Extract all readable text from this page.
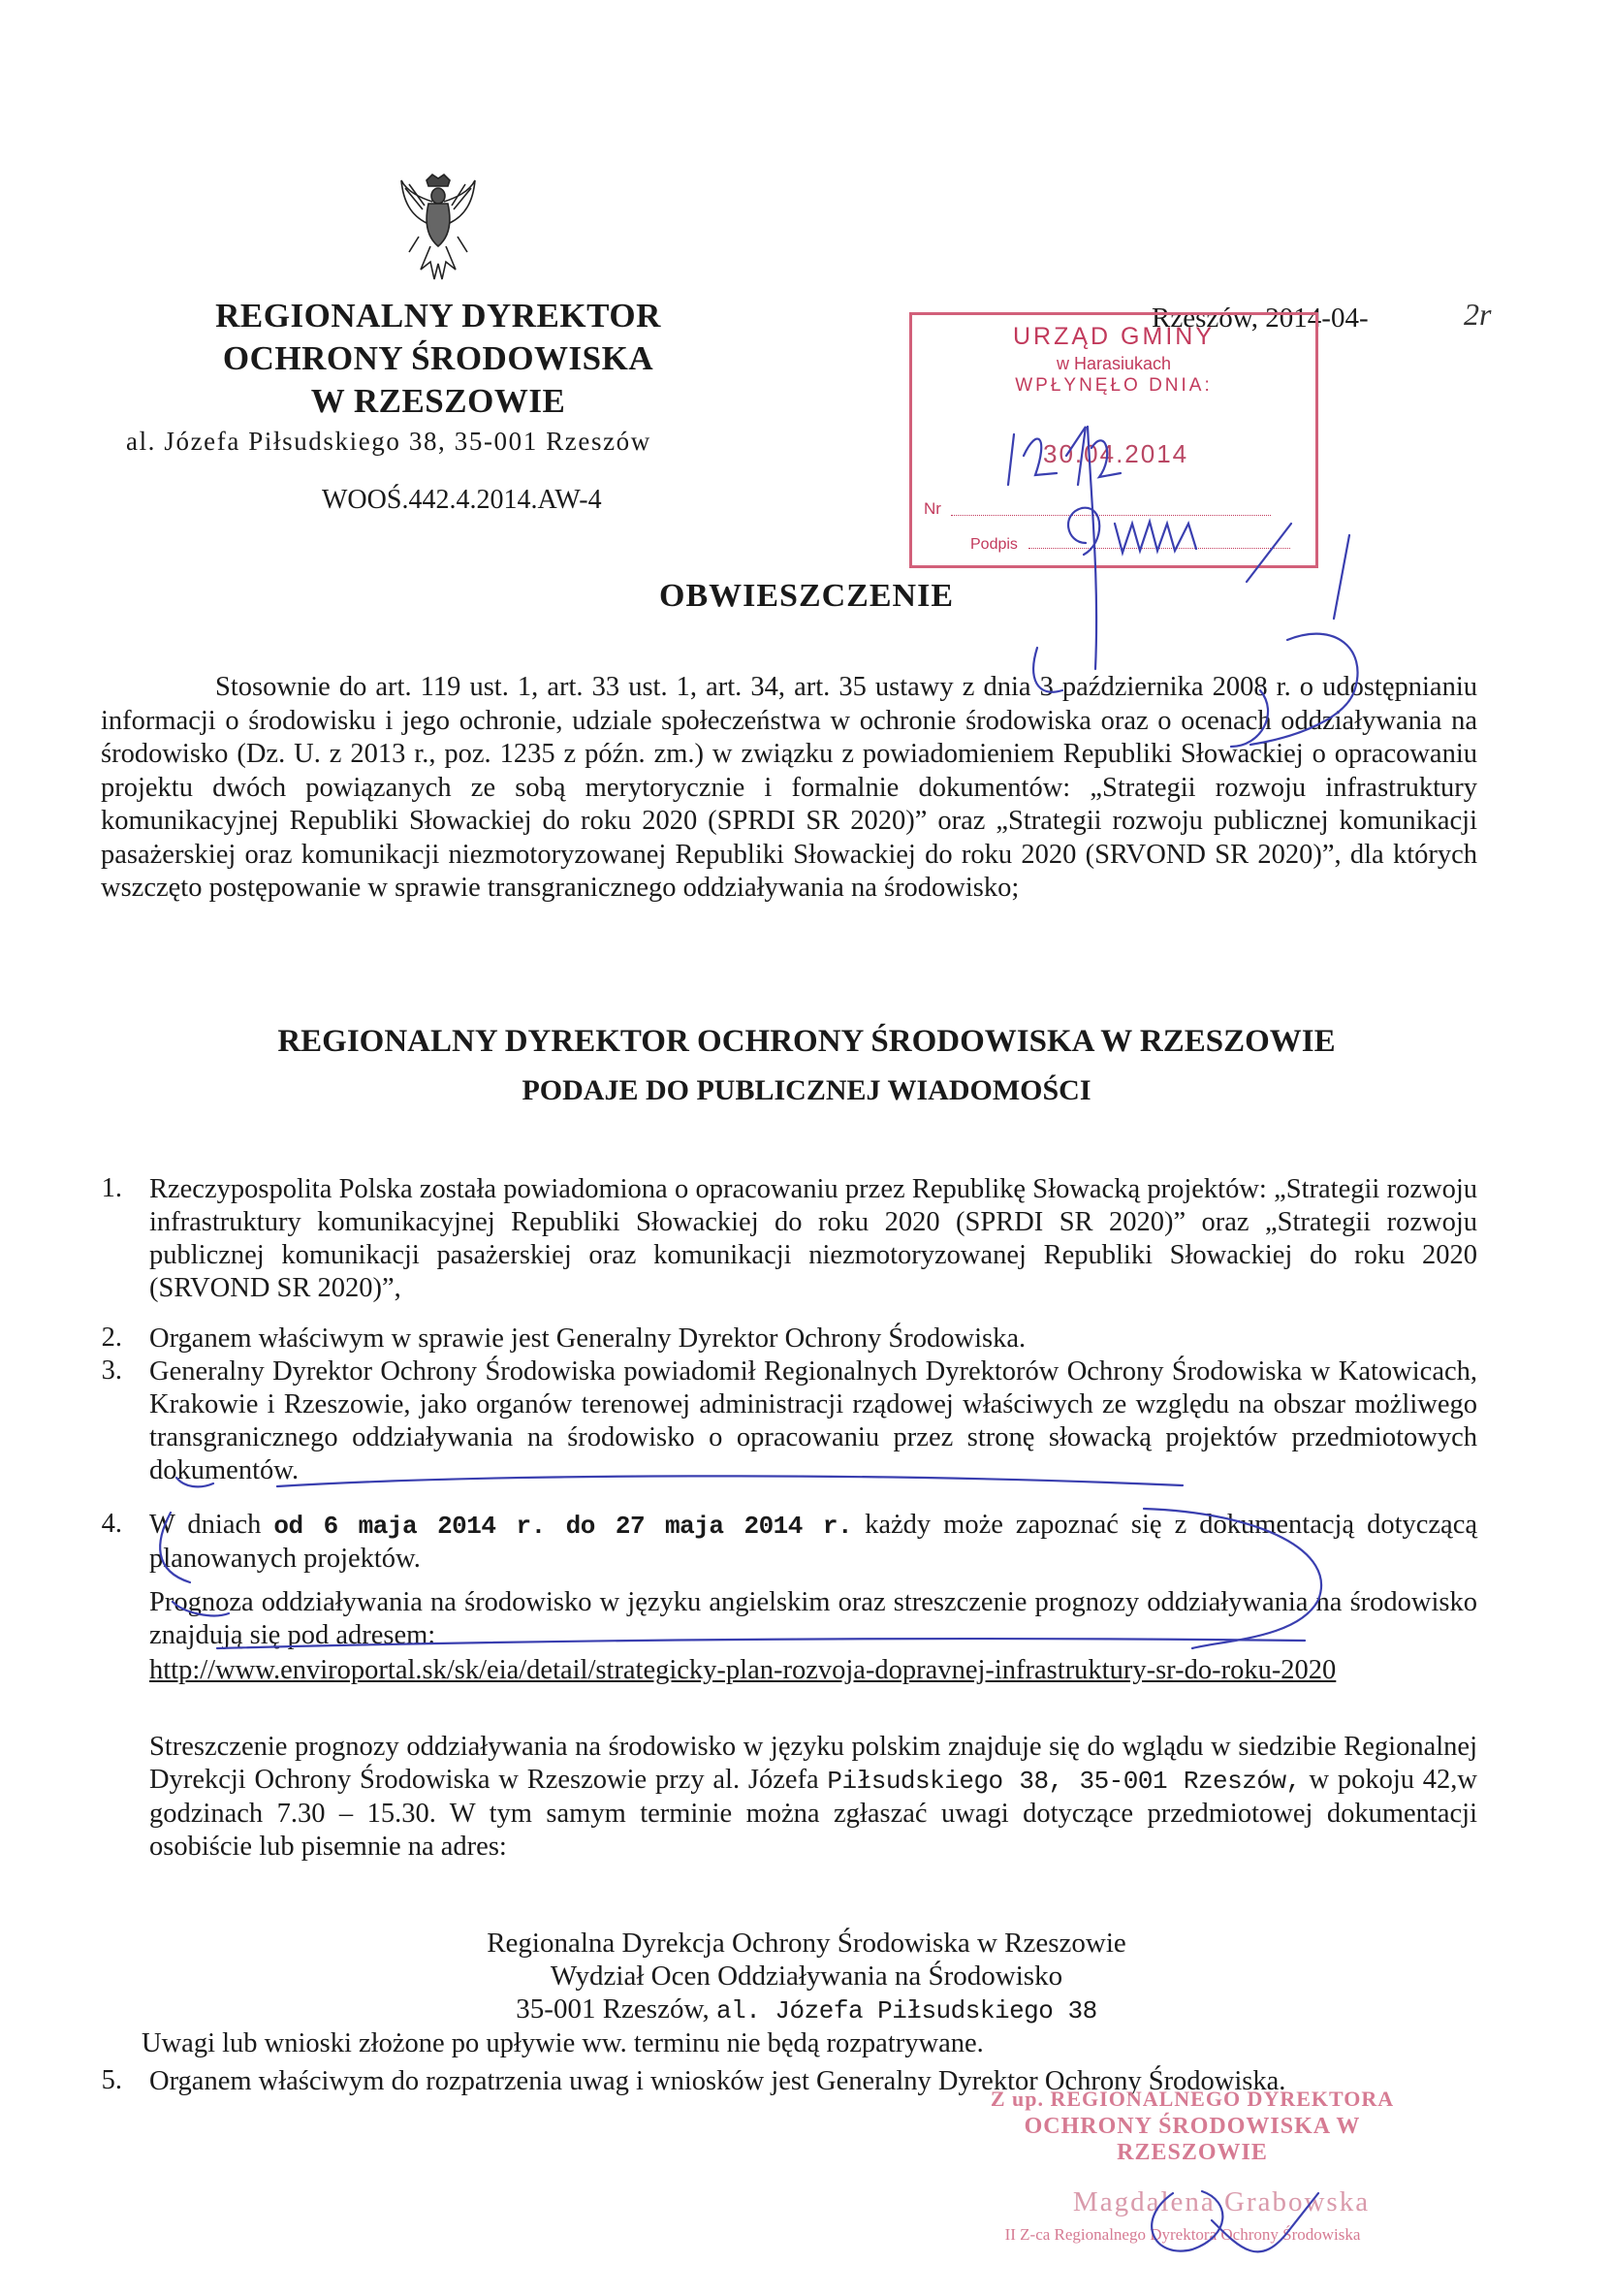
REGIONALNY DYREKTOR
OCHRONY ŚRODOWISKA
W RZESZOWIE
al. Józefa Piłsudskiego 38, 35-001 Rzeszów
WOOŚ.442.4.2014.AW-4
Rzeszów, 2014-04-	2r
URZĄD GMINY
w Harasiukach
WPŁYNĘŁO DNIA:
30.04.2014
Nr
Podpis
OBWIESZCZENIE
Stosownie do art. 119 ust. 1, art. 33 ust. 1, art. 34, art. 35 ustawy z dnia 3 października 2008 r. o udostępnianiu informacji o środowisku i jego ochronie, udziale społeczeństwa w ochronie środowiska oraz o ocenach oddziaływania na środowisko (Dz. U. z 2013 r., poz. 1235 z późn. zm.) w związku z powiadomieniem Republiki Słowackiej o opracowaniu projektu dwóch powiązanych ze sobą merytorycznie i formalnie dokumentów: „Strategii rozwoju infrastruktury komunikacyjnej Republiki Słowackiej do roku 2020 (SPRDI SR 2020)” oraz „Strategii rozwoju publicznej komunikacji pasażerskiej oraz komunikacji niezmotoryzowanej Republiki Słowackiej do roku 2020 (SRVOND SR 2020)”, dla których wszczęto postępowanie w sprawie transgranicznego oddziaływania na środowisko;
REGIONALNY DYREKTOR OCHRONY ŚRODOWISKA W RZESZOWIE
PODAJE DO PUBLICZNEJ WIADOMOŚCI
1. Rzeczypospolita Polska została powiadomiona o opracowaniu przez Republikę Słowacką projektów: „Strategii rozwoju infrastruktury komunikacyjnej Republiki Słowackiej do roku 2020 (SPRDI SR 2020)” oraz „Strategii rozwoju publicznej komunikacji pasażerskiej oraz komunikacji niezmotoryzowanej Republiki Słowackiej do roku 2020 (SRVOND SR 2020)”,
2. Organem właściwym w sprawie jest Generalny Dyrektor Ochrony Środowiska.
3. Generalny Dyrektor Ochrony Środowiska powiadomił Regionalnych Dyrektorów Ochrony Środowiska w Katowicach, Krakowie i Rzeszowie, jako organów terenowej administracji rządowej właściwych ze względu na obszar możliwego transgranicznego oddziaływania na środowisko o opracowaniu przez stronę słowacką projektów przedmiotowych dokumentów.
4. W dniach od 6 maja 2014 r. do 27 maja 2014 r. każdy może zapoznać się z dokumentacją dotyczącą planowanych projektów.
Prognoza oddziaływania na środowisko w języku angielskim oraz streszczenie prognozy oddziaływania na środowisko znajdują się pod adresem:
http://www.enviroportal.sk/sk/eia/detail/strategicky-plan-rozvoja-dopravnej-infrastruktury-sr-do-roku-2020
Streszczenie prognozy oddziaływania na środowisko w języku polskim znajduje się do wglądu w siedzibie Regionalnej Dyrekcji Ochrony Środowiska w Rzeszowie przy al. Józefa Piłsudskiego 38, 35-001 Rzeszów, w pokoju 42,w godzinach 7.30 – 15.30. W tym samym terminie można zgłaszać uwagi dotyczące przedmiotowej dokumentacji osobiście lub pisemnie na adres:
Regionalna Dyrekcja Ochrony Środowiska w Rzeszowie
Wydział Ocen Oddziaływania na Środowisko
35-001 Rzeszów, al. Józefa Piłsudskiego 38
Uwagi lub wnioski złożone po upływie ww. terminu nie będą rozpatrywane.
5. Organem właściwym do rozpatrzenia uwag i wniosków jest Generalny Dyrektor Ochrony Środowiska.
Z up. REGIONALNEGO DYREKTORA
OCHRONY ŚRODOWISKA W RZESZOWIE
Magdalena Grabowska
II Z-ca Regionalnego Dyrektora Ochrony Środowiska
